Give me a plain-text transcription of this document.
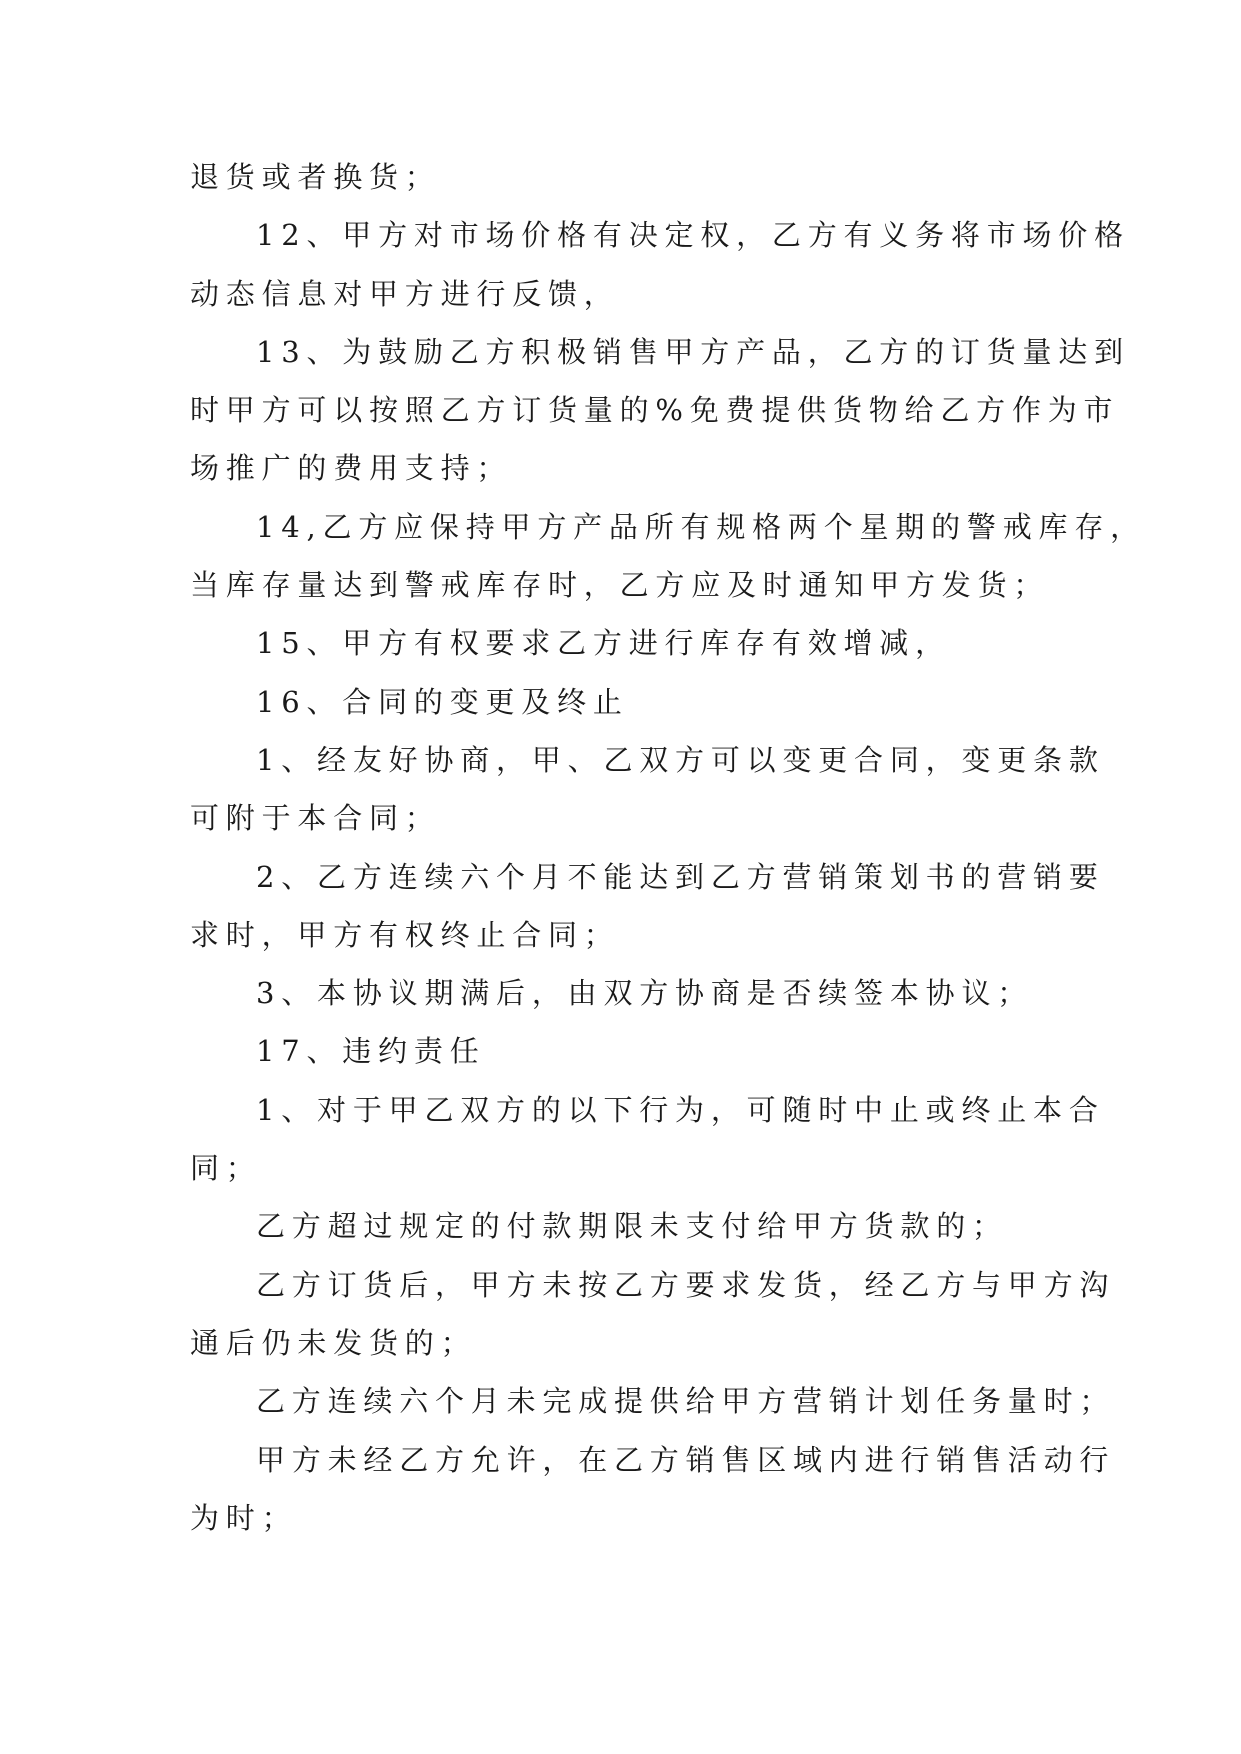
退货或者换货；

12、甲方对市场价格有决定权，乙方有义务将市场价格

动态信息对甲方进行反馈，

13、为鼓励乙方积极销售甲方产品，乙方的订货量达到

时甲方可以按照乙方订货量的%免费提供货物给乙方作为市

场推广的费用支持；

14,乙方应保持甲方产品所有规格两个星期的警戒库存，

当库存量达到警戒库存时，乙方应及时通知甲方发货；

15、甲方有权要求乙方进行库存有效增减，

16、合同的变更及终止

1、经友好协商，甲、乙双方可以变更合同，变更条款

可附于本合同；

2、乙方连续六个月不能达到乙方营销策划书的营销要

求时，甲方有权终止合同；

3、本协议期满后，由双方协商是否续签本协议；

17、违约责任

1、对于甲乙双方的以下行为，可随时中止或终止本合

同；

乙方超过规定的付款期限未支付给甲方货款的；

乙方订货后，甲方未按乙方要求发货，经乙方与甲方沟

通后仍未发货的；

乙方连续六个月未完成提供给甲方营销计划任务量时；

甲方未经乙方允许，在乙方销售区域内进行销售活动行

为时；
